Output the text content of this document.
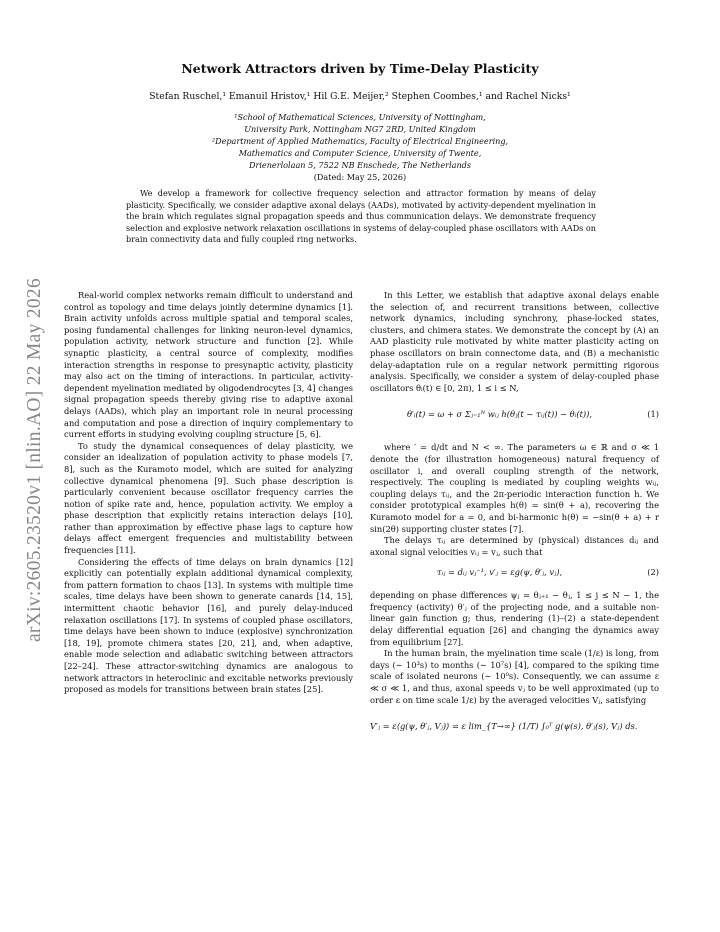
arXiv:2605.23520v1 [nlin.AO] 22 May 2026
Network Attractors driven by Time-Delay Plasticity
Stefan Ruschel,¹ Emanuil Hristov,¹ Hil G.E. Meijer,² Stephen Coombes,¹ and Rachel Nicks¹
¹School of Mathematical Sciences, University of Nottingham,
University Park, Nottingham NG7 2RD, United Kingdom
²Department of Applied Mathematics, Faculty of Electrical Engineering,
Mathematics and Computer Science, University of Twente,
Drienerlolaan 5, 7522 NB Enschede, The Netherlands
(Dated: May 25, 2026)
We develop a framework for collective frequency selection and attractor formation by means of delay plasticity. Specifically, we consider adaptive axonal delays (AADs), motivated by activity-dependent myelination in the brain which regulates signal propagation speeds and thus communication delays. We demonstrate frequency selection and explosive network relaxation oscillations in systems of delay-coupled phase oscillators with AADs on brain connectivity data and fully coupled ring networks.

Real-world complex networks remain difficult to understand and control as topology and time delays jointly determine dynamics [1]. Brain activity unfolds across multiple spatial and temporal scales, posing fundamental challenges for linking neuron-level dynamics, population activity, network structure and function [2]. While synaptic plasticity, a central source of complexity, modifies interaction strengths in response to presynaptic activity, plasticity may also act on the timing of interactions. In particular, activity-dependent myelination mediated by oligodendrocytes [3, 4] changes signal propagation speeds thereby giving rise to adaptive axonal delays (AADs), which play an important role in neural processing and computation and pose a direction of inquiry complementary to current efforts in studying evolving coupling structure [5, 6].

To study the dynamical consequences of delay plasticity, we consider an idealization of population activity to phase models [7, 8], such as the Kuramoto model, which are suited for analyzing collective dynamical phenomena [9]. Such phase description is particularly convenient because oscillator frequency carries the notion of spike rate and, hence, population activity. We employ a phase description that explicitly retains interaction delays [10], rather than approximation by effective phase lags to capture how delays affect emergent frequencies and multistability between frequencies [11].

Considering the effects of time delays on brain dynamics [12] explicitly can potentially explain additional dynamical complexity, from pattern formation to chaos [13]. In systems with multiple time scales, time delays have been shown to generate canards [14, 15], intermittent chaotic behavior [16], and purely delay-induced relaxation oscillations [17]. In systems of coupled phase oscillators, time delays have been shown to induce (explosive) synchronization [18, 19], promote chimera states [20, 21], and, when adaptive, enable mode selection and adiabatic switching between attractors [22–24]. These attractor-switching dynamics are analogous to network attractors in heteroclinic and excitable networks previously proposed as models for transitions between brain states [25].

In this Letter, we establish that adaptive axonal delays enable the selection of, and recurrent transitions between, collective network dynamics, including synchrony, phase-locked states, clusters, and chimera states. We demonstrate the concept by (A) an AAD plasticity rule motivated by white matter plasticity acting on phase oscillators on brain connectome data, and (B) a mechanistic delay-adaptation rule on a regular network permitting rigorous analysis. Specifically, we consider a system of delay-coupled phase oscillators θᵢ(t) ∈ [0, 2π), 1 ≤ i ≤ N,

θ′ᵢ(t) = ω + σ Σⱼ₌₁ᴺ wᵢⱼ h(θⱼ(t − τᵢⱼ(t)) − θᵢ(t)),	(1)

where ′ = d/dt and N < ∞. The parameters ω ∈ ℝ and σ ≪ 1 denote the (for illustration homogeneous) natural frequency of oscillator i, and overall coupling strength of the network, respectively. The coupling is mediated by coupling weights wᵢⱼ, coupling delays τᵢⱼ, and the 2π-periodic interaction function h. We consider prototypical examples h(θ) = sin(θ + a), recovering the Kuramoto model for a = 0, and bi-harmonic h(θ) = −sin(θ + a) + r sin(2θ) supporting cluster states [7].

The delays τᵢⱼ are determined by (physical) distances dᵢⱼ and axonal signal velocities vᵢⱼ = vⱼ, such that

τᵢⱼ = dᵢⱼ vⱼ⁻¹, v′ⱼ = εg(ψ, θ′ⱼ, vⱼ),	(2)

depending on phase differences ψⱼ = θⱼ₊₁ − θⱼ, 1 ≤ j ≤ N − 1, the frequency (activity) θ′ⱼ of the projecting node, and a suitable non-linear gain function g; thus, rendering (1)–(2) a state-dependent delay differential equation [26] and changing the dynamics away from equilibrium [27].

In the human brain, the myelination time scale (1/ε) is long, from days (∼ 10³s) to months (∼ 10⁷s) [4], compared to the spiking time scale of isolated neurons (∼ 10⁰s). Consequently, we can assume ε ≪ σ ≪ 1, and thus, axonal speeds vⱼ to be well approximated (up to order ε on time scale 1/ε) by the averaged velocities Vⱼ, satisfying

V′ⱼ = ε⟨g(ψ, θ′ⱼ, Vⱼ)⟩ = ε lim_{T→∞} (1/T) ∫₀ᵀ g(ψ(s), θ′ⱼ(s), Vⱼ) ds.
